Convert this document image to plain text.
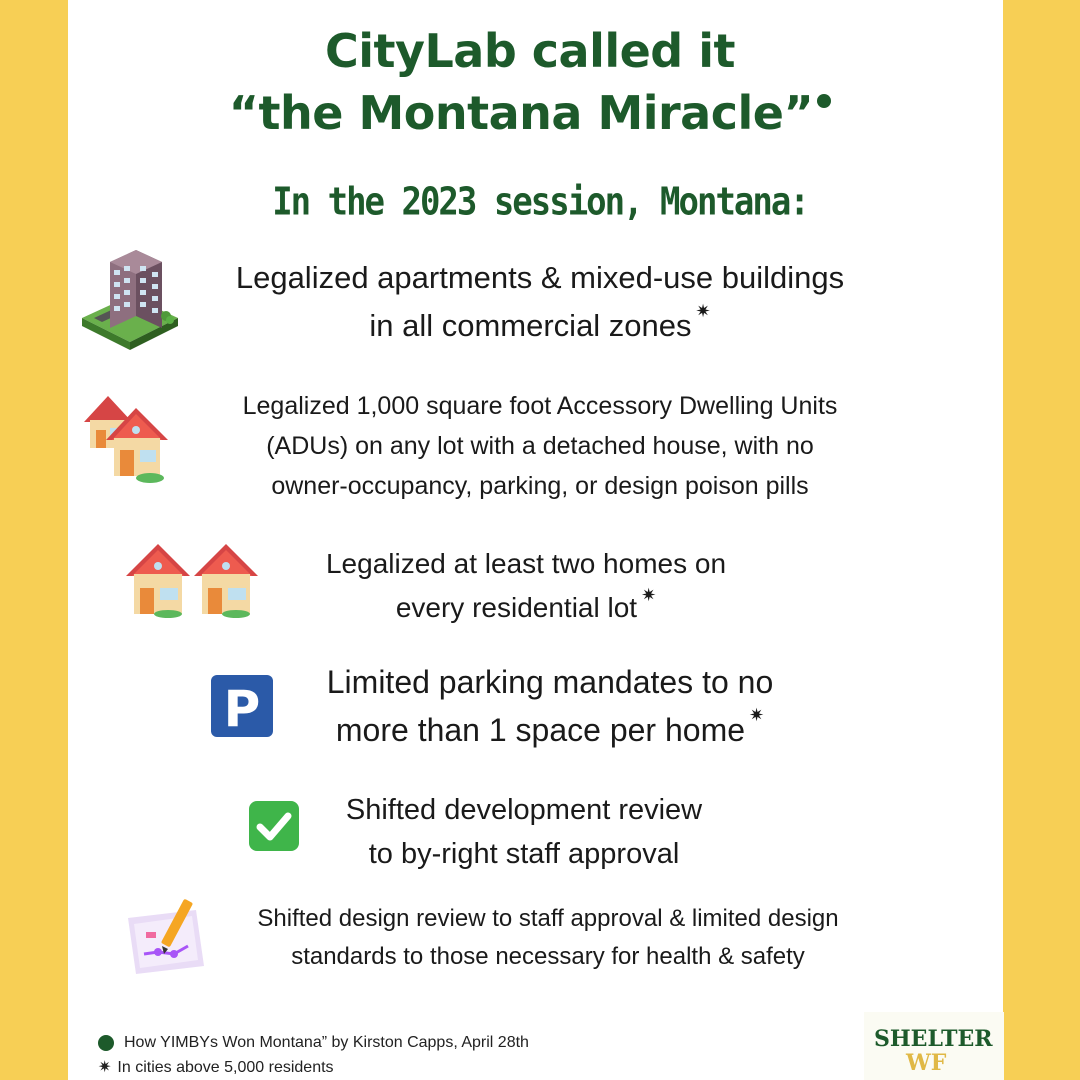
CityLab called it
“the Montana Miracle”
In the 2023 session, Montana:
Legalized apartments & mixed-use buildings
in all commercial zones ✷
Legalized 1,000 square foot Accessory Dwelling Units
(ADUs) on any lot with a detached house, with no
owner-occupancy, parking, or design poison pills
Legalized at least two homes on
every residential lot ✷
P	Limited parking mandates to no
more than 1 space per home ✷
Shifted development review
to by-right staff approval
Shifted design review to staff approval & limited design
standards to those necessary for health & safety
How YIMBYs Won Montana” by Kirston Capps, April 28th
✷ In cities above 5,000 residents
SHELTER
WF
